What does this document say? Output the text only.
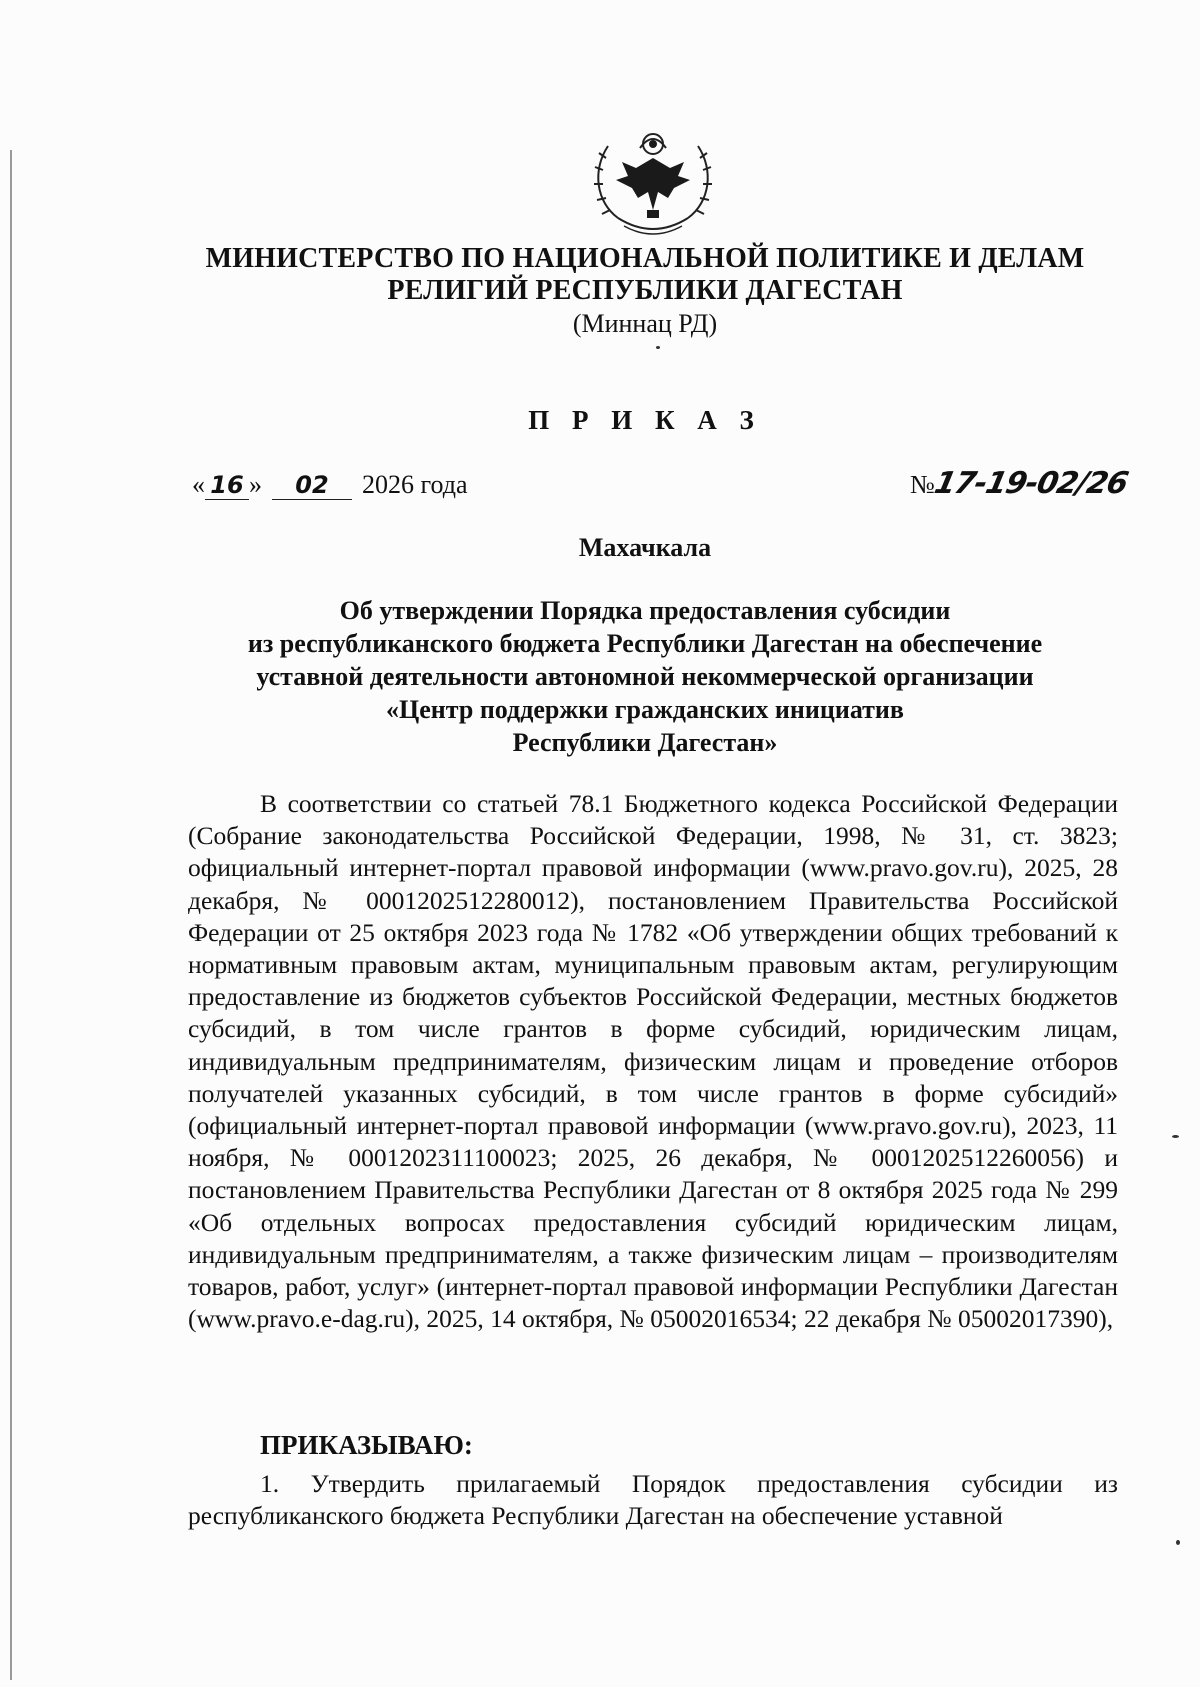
МИНИСТЕРСТВО ПО НАЦИОНАЛЬНОЙ ПОЛИТИКЕ И ДЕЛАМ
РЕЛИГИЙ РЕСПУБЛИКИ ДАГЕСТАН
(Миннац РД)
П Р И К А З
« 16 » 02 2026 года	№17-19-02/26
Махачкала
Об утверждении Порядка предоставления субсидии
из республиканского бюджета Республики Дагестан на обеспечение
уставной деятельности автономной некоммерческой организации
«Центр поддержки гражданских инициатив
Республики Дагестан»

В соответствии со статьей 78.1 Бюджетного кодекса Российской Федерации (Собрание законодательства Российской Федерации, 1998, № 31, ст. 3823; официальный интернет-портал правовой информации (www.pravo.gov.ru), 2025, 28 декабря, № 0001202512280012), постановлением Правительства Российской Федерации от 25 октября 2023 года № 1782 «Об утверждении общих требований к нормативным правовым актам, муниципальным правовым актам, регулирующим предоставление из бюджетов субъектов Российской Федерации, местных бюджетов субсидий, в том числе грантов в форме субсидий, юридическим лицам, индивидуальным предпринимателям, физическим лицам и проведение отборов получателей указанных субсидий, в том числе грантов в форме субсидий» (официальный интернет-портал правовой информации (www.pravo.gov.ru), 2023, 11 ноября, № 0001202311100023; 2025, 26 декабря, № 0001202512260056) и постановлением Правительства Республики Дагестан от 8 октября 2025 года № 299 «Об отдельных вопросах предоставления субсидий юридическим лицам, индивидуальным предпринимателям, а также физическим лицам – производителям товаров, работ, услуг» (интернет-портал правовой информации Республики Дагестан (www.pravo.e-dag.ru), 2025, 14 октября, № 05002016534; 22 декабря № 05002017390),

ПРИКАЗЫВАЮ:
1. Утвердить прилагаемый Порядок предоставления субсидии из республиканского бюджета Республики Дагестан на обеспечение уставной
